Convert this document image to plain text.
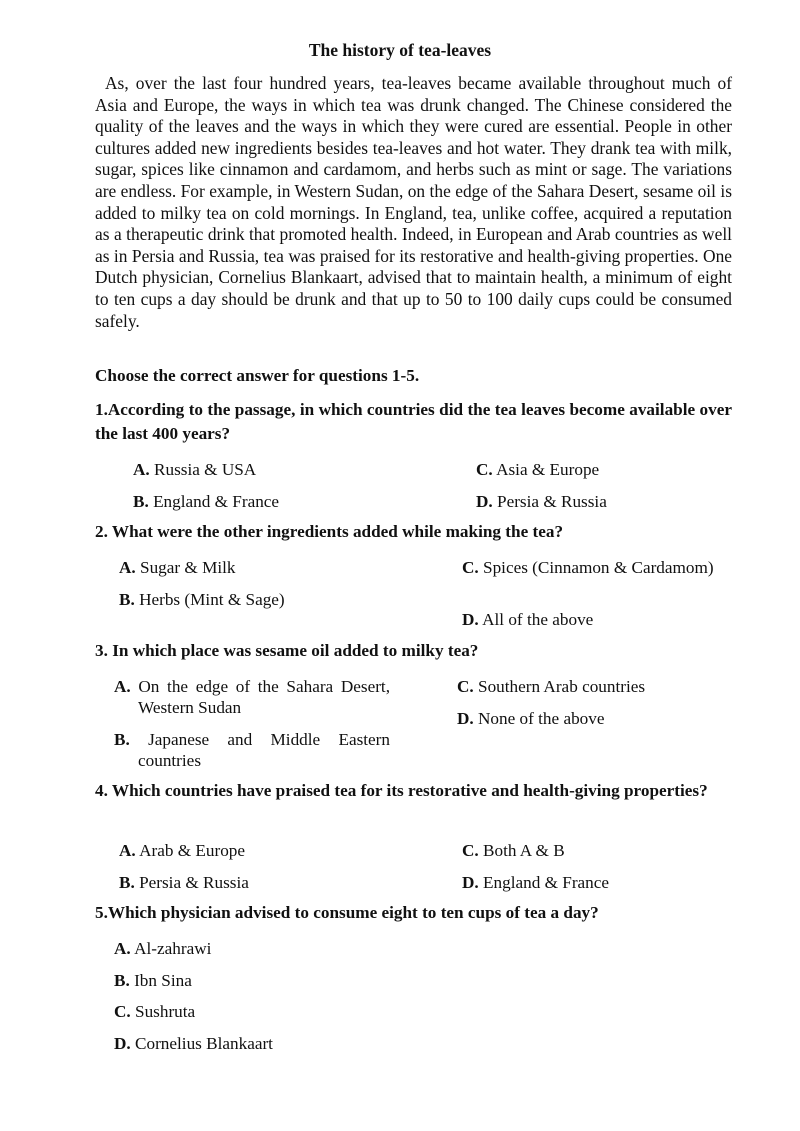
The history of tea-leaves

As, over the last four hundred years, tea-leaves became available throughout much of Asia and Europe, the ways in which tea was drunk changed. The Chinese considered the quality of the leaves and the ways in which they were cured are essential. People in other cultures added new ingredients besides tea-leaves and hot water. They drank tea with milk, sugar, spices like cinnamon and cardamom, and herbs such as mint or sage. The variations are endless. For example, in Western Sudan, on the edge of the Sahara Desert, sesame oil is added to milky tea on cold mornings. In England, tea, unlike coffee, acquired a reputation as a therapeutic drink that promoted health. Indeed, in European and Arab countries as well as in Persia and Russia, tea was praised for its restorative and health-giving properties. One Dutch physician, Cornelius Blankaart, advised that to maintain health, a minimum of eight to ten cups a day should be drunk and that up to 50 to 100 daily cups could be consumed safely.

Choose the correct answer for questions 1-5.

1.According to the passage, in which countries did the tea leaves become available over the last 400 years?

A. Russia & USA
B. England & France
C. Asia & Europe
D. Persia & Russia

2. What were the other ingredients added while making the tea?

A. Sugar & Milk
B. Herbs (Mint & Sage)
C. Spices (Cinnamon & Cardamom)
D. All of the above

3. In which place was sesame oil added to milky tea?

A. On the edge of the Sahara Desert, Western Sudan
B. Japanese and Middle Eastern countries
C. Southern Arab countries
D. None of the above

4. Which countries have praised tea for its restorative and health-giving properties?

A. Arab & Europe
B. Persia & Russia
C. Both A & B
D. England & France

5.Which physician advised to consume eight to ten cups of tea a day?

A. Al-zahrawi
B. Ibn Sina
C. Sushruta
D. Cornelius Blankaart
